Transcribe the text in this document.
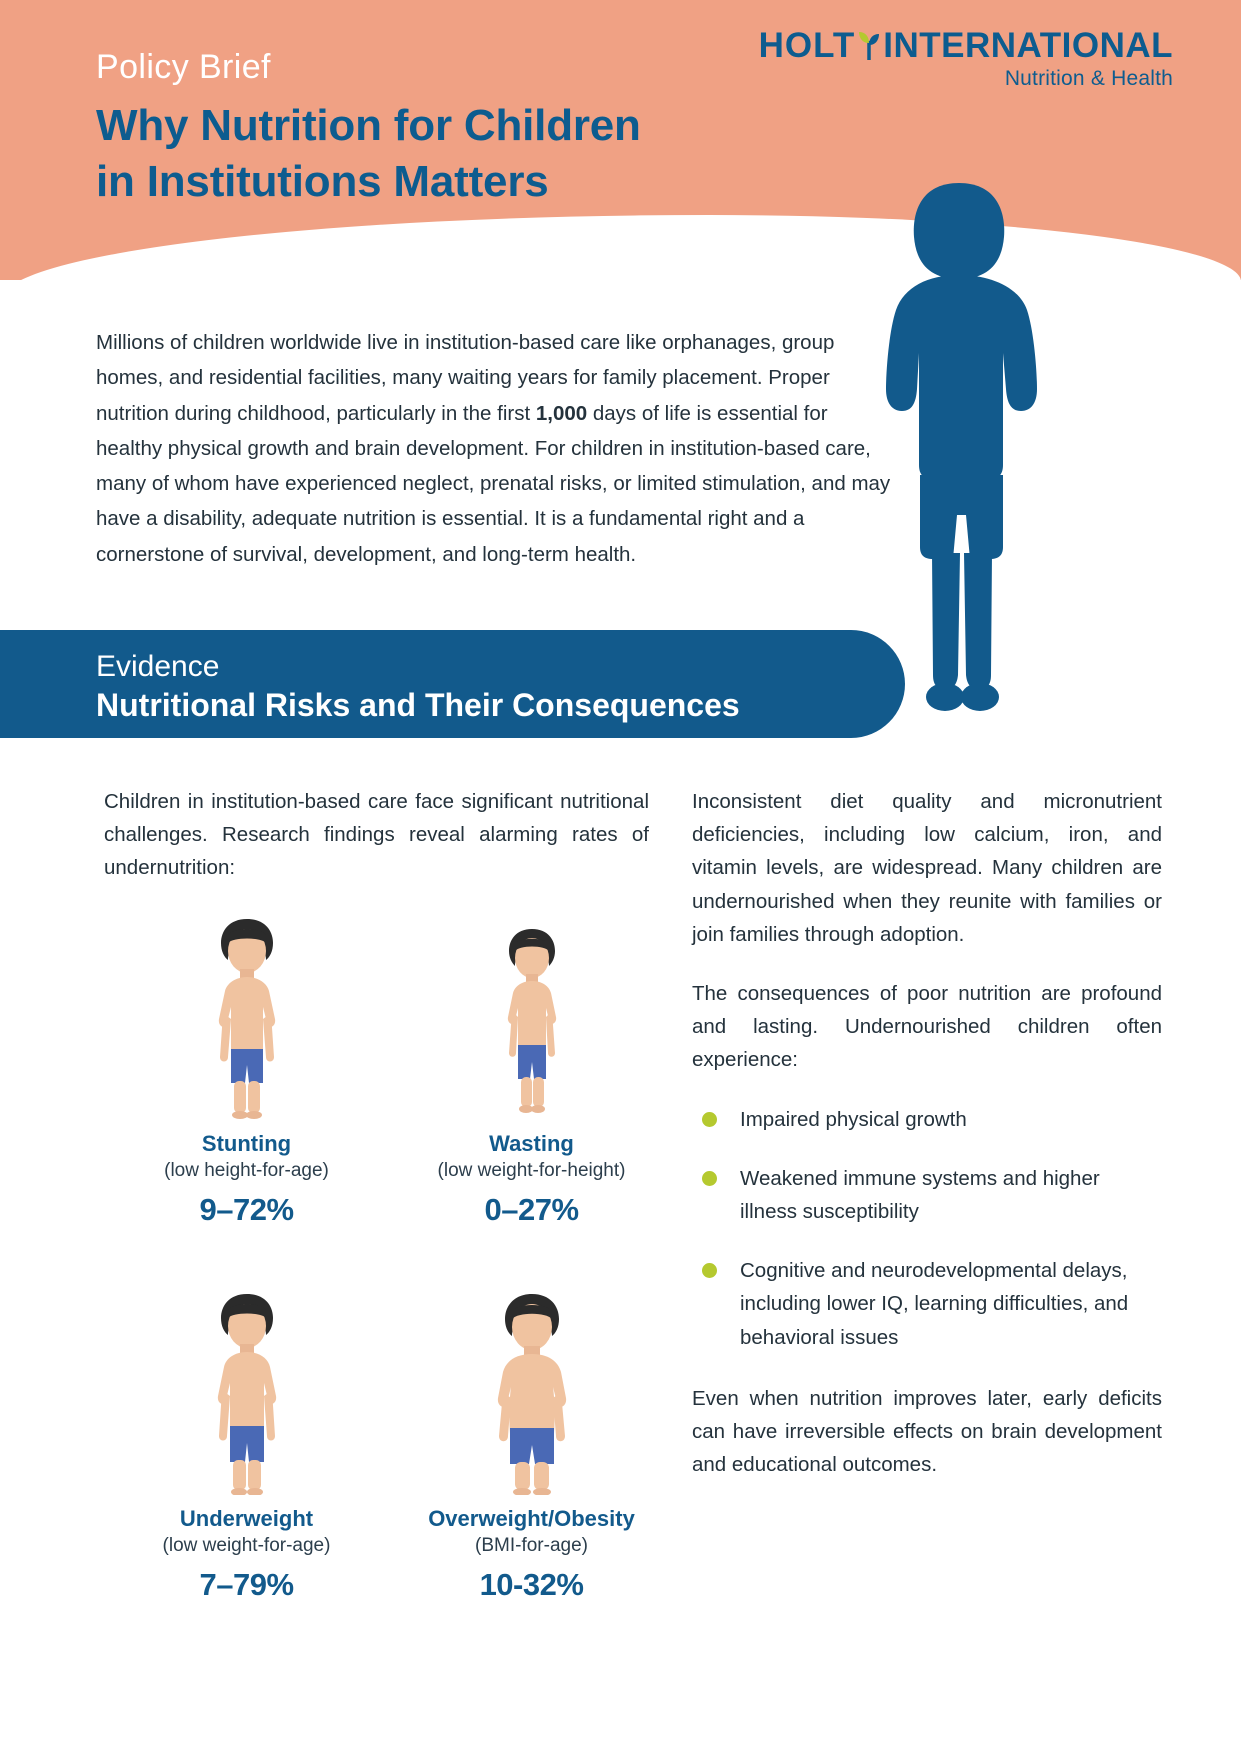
Policy Brief
Why Nutrition for Children
in Institutions Matters
HOLT INTERNATIONAL
Nutrition & Health
Millions of children worldwide live in institution-based care like orphanages, group homes, and residential facilities, many waiting years for family placement. Proper nutrition during childhood, particularly in the first 1,000 days of life is essential for healthy physical growth and brain development. For children in institution-based care, many of whom have experienced neglect, prenatal risks, or limited stimulation, and may have a disability, adequate nutrition is essential. It is a fundamental right and a cornerstone of survival, development, and long-term health.
Evidence
Nutritional Risks and Their Consequences
Children in institution-based care face significant nutritional challenges. Research findings reveal alarming rates of undernutrition:
Stunting
(low height-for-age)
9–72%
Wasting
(low weight-for-height)
0–27%
Underweight
(low weight-for-age)
7–79%
Overweight/Obesity
(BMI-for-age)
10-32%

Inconsistent diet quality and micronutrient deficiencies, including low calcium, iron, and vitamin levels, are widespread. Many children are undernourished when they reunite with families or join families through adoption.

The consequences of poor nutrition are profound and lasting. Undernourished children often experience:

Impaired physical growth
Weakened immune systems and higher illness susceptibility
Cognitive and neurodevelopmental delays, including lower IQ, learning difficulties, and behavioral issues

Even when nutrition improves later, early deficits can have irreversible effects on brain development and educational outcomes.
